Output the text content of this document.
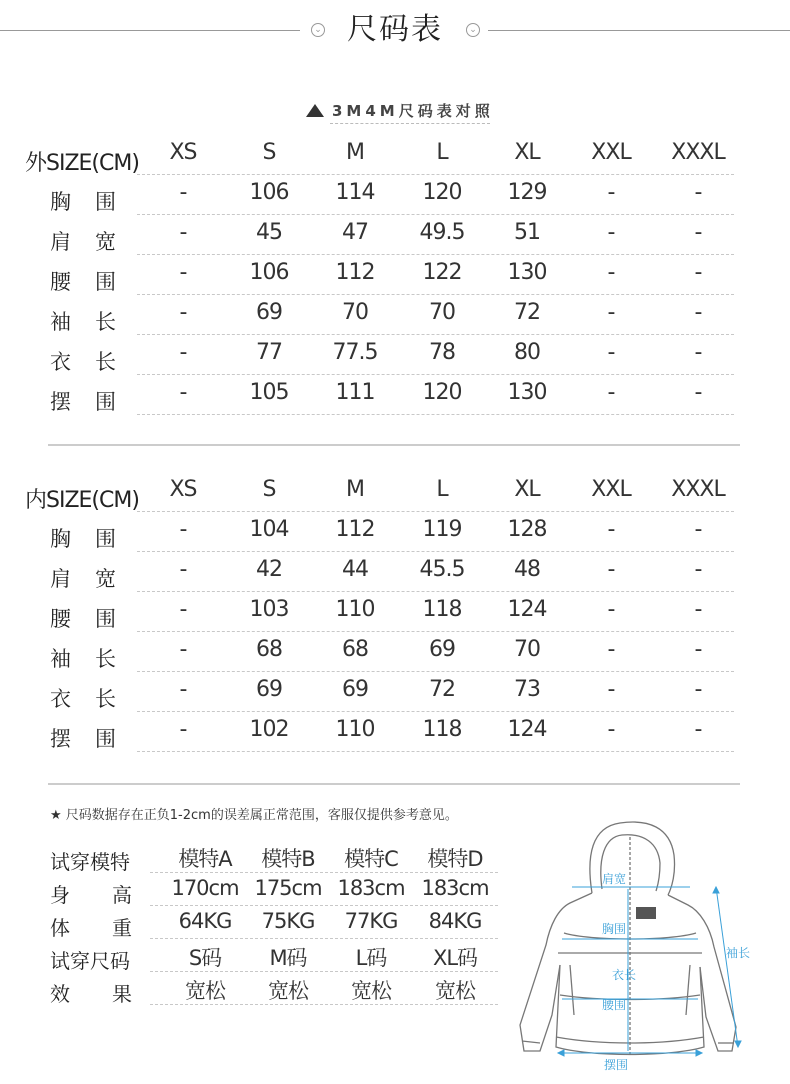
⌄ 尺码表	⌄
3M4M尺码表对照
外SIZE(CM)	XS	S	M	L	XL	XXL	XXXL
胸 围	-	106	114	120	129	-	-
肩 宽	-	45	47	49.5	51	-	-
腰 围	-	106	112	122	130	-	-
袖 长	-	69	70	70	72	-	-
衣 长	-	77	77.5	78	80	-	-
摆 围	-	105	111	120	130	-	-
内SIZE(CM)	XS	S	M	L	XL	XXL	XXXL
胸 围	-	104	112	119	128	-	-
肩 宽	-	42	44	45.5	48	-	-
腰 围	-	103	110	118	124	-	-
袖 长	-	68	68	69	70	-	-
衣 长	-	69	69	72	73	-	-
摆 围	-	102	110	118	124	-	-
★ 尺码数据存在正负1-2cm的误差属正常范围，客服仅提供参考意见。
试穿模特	模特A	模特B	模特C	模特D
身 高	170cm 175cm 183cm 183cm
体 重	64KG	75KG	77KG	84KG
试穿尺码	S码	M码	L码	XL码
效 果	宽松	宽松	宽松	宽松
肩宽
胸围
衣长
腰围
袖长
摆围
